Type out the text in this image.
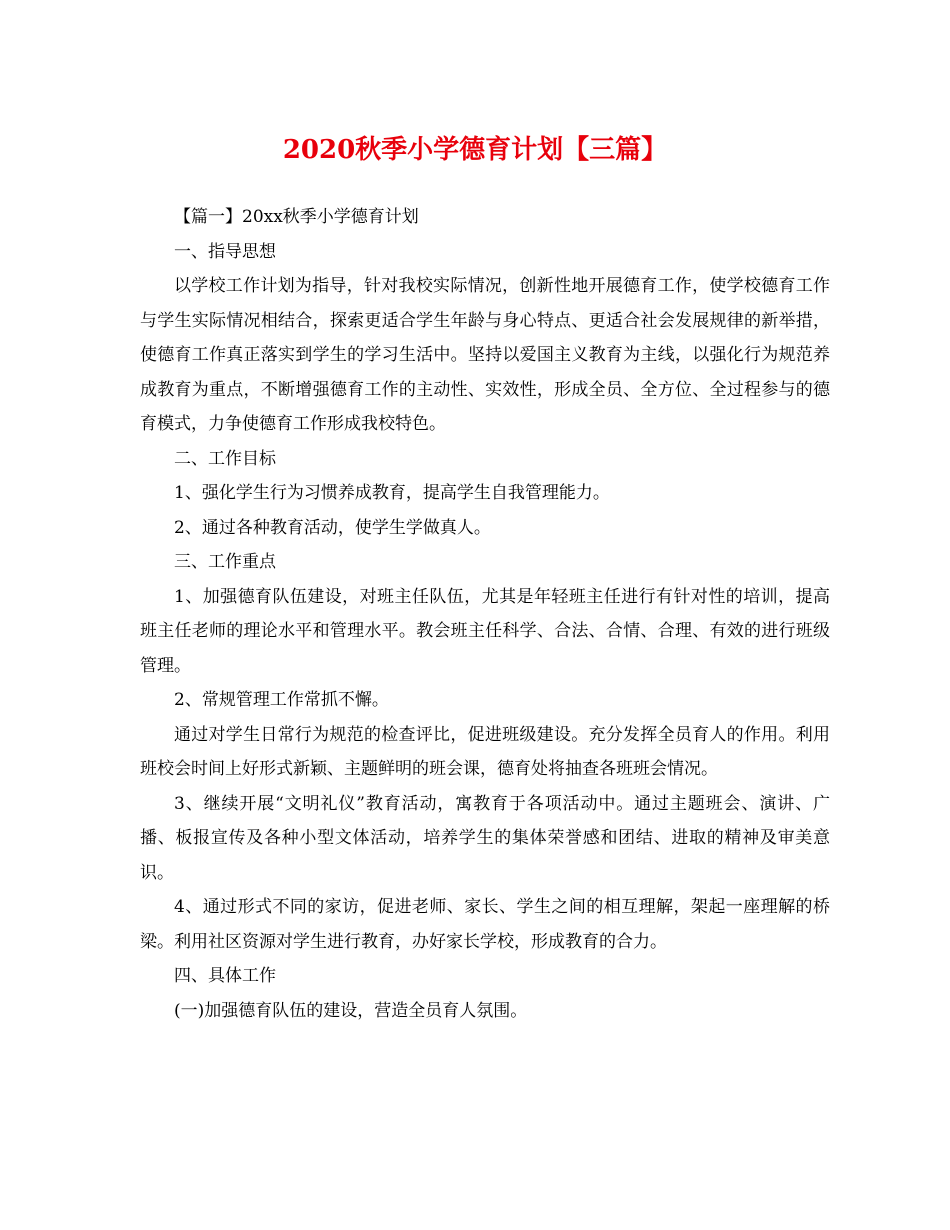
2020秋季小学德育计划【三篇】

【篇一】20xx秋季小学德育计划

一、指导思想

以学校工作计划为指导，针对我校实际情况，创新性地开展德育工作，使学校德育工作与学生实际情况相结合，探索更适合学生年龄与身心特点、更适合社会发展规律的新举措，使德育工作真正落实到学生的学习生活中。坚持以爱国主义教育为主线，以强化行为规范养成教育为重点，不断增强德育工作的主动性、实效性，形成全员、全方位、全过程参与的德育模式，力争使德育工作形成我校特色。

二、工作目标

1、强化学生行为习惯养成教育，提高学生自我管理能力。

2、通过各种教育活动，使学生学做真人。

三、工作重点

1、加强德育队伍建设，对班主任队伍，尤其是年轻班主任进行有针对性的培训，提高班主任老师的理论水平和管理水平。教会班主任科学、合法、合情、合理、有效的进行班级管理。

2、常规管理工作常抓不懈。

通过对学生日常行为规范的检查评比，促进班级建设。充分发挥全员育人的作用。利用班校会时间上好形式新颖、主题鲜明的班会课，德育处将抽查各班班会情况。

3、继续开展“文明礼仪”教育活动，寓教育于各项活动中。通过主题班会、演讲、广播、板报宣传及各种小型文体活动，培养学生的集体荣誉感和团结、进取的精神及审美意识。

4、通过形式不同的家访，促进老师、家长、学生之间的相互理解，架起一座理解的桥梁。利用社区资源对学生进行教育，办好家长学校，形成教育的合力。

四、具体工作

(一)加强德育队伍的建设，营造全员育人氛围。
